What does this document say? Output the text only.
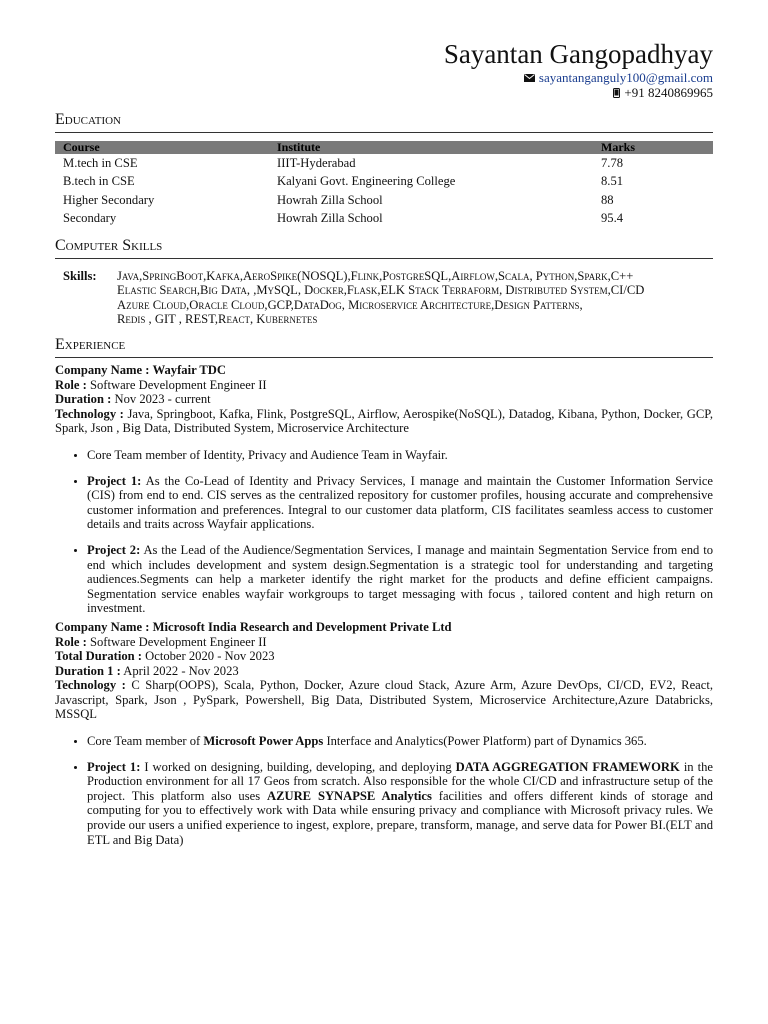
Sayantan Gangopadhyay
sayantanganguly100@gmail.com
+91 8240869965
Education
Course	Institute	Marks
M.tech in CSE	IIIT-Hyderabad	7.78
B.tech in CSE	Kalyani Govt. Engineering College	8.51
Higher Secondary	Howrah Zilla School	88
Secondary	Howrah Zilla School	95.4
Computer Skills
Skills:	Java,SpringBoot,Kafka,AeroSpike(NOSQL),Flink,PostgreSQL,Airflow,Scala, Python,Spark,C++
Elastic Search,Big Data, ,MySQL, Docker,Flask,ELK Stack Terraform, Distributed System,CI/CD
Azure Cloud,Oracle Cloud,GCP,DataDog, Microservice Architecture,Design Patterns,
Redis , GIT , REST,React, Kubernetes
Experience
Company Name : Wayfair TDC
Role : Software Development Engineer II
Duration : Nov 2023 - current
Technology : Java, Springboot, Kafka, Flink, PostgreSQL, Airflow, Aerospike(NoSQL), Datadog, Kibana, Python, Docker, GCP, Spark, Json , Big Data, Distributed System, Microservice Architecture
• Core Team member of Identity, Privacy and Audience Team in Wayfair.
• Project 1: As the Co-Lead of Identity and Privacy Services, I manage and maintain the Customer Information Service (CIS) from end to end. CIS serves as the centralized repository for customer profiles, housing accurate and comprehensive customer information and preferences. Integral to our customer data platform, CIS facilitates seamless access to customer details and traits across Wayfair applications.
• Project 2: As the Lead of the Audience/Segmentation Services, I manage and maintain Segmentation Service from end to end which includes development and system design.Segmentation is a strategic tool for understanding and targeting audiences.Segments can help a marketer identify the right market for the products and define efficient campaigns. Segmentation service enables wayfair workgroups to target messaging with focus , tailored content and high return on investment.
Company Name : Microsoft India Research and Development Private Ltd
Role : Software Development Engineer II
Total Duration : October 2020 - Nov 2023
Duration 1 : April 2022 - Nov 2023
Technology : C Sharp(OOPS), Scala, Python, Docker, Azure cloud Stack, Azure Arm, Azure DevOps, CI/CD, EV2, React, Javascript, Spark, Json , PySpark, Powershell, Big Data, Distributed System, Microservice Architecture,Azure Databricks, MSSQL
• Core Team member of Microsoft Power Apps Interface and Analytics(Power Platform) part of Dynamics 365.
• Project 1: I worked on designing, building, developing, and deploying DATA AGGREGATION FRAMEWORK in the Production environment for all 17 Geos from scratch. Also responsible for the whole CI/CD and infrastructure setup of the project. This platform also uses AZURE SYNAPSE Analytics facilities and offers different kinds of storage and computing for you to effectively work with Data while ensuring privacy and compliance with Microsoft privacy rules. We provide our users a unified experience to ingest, explore, prepare, transform, manage, and serve data for Power BI.(ELT and ETL and Big Data)
